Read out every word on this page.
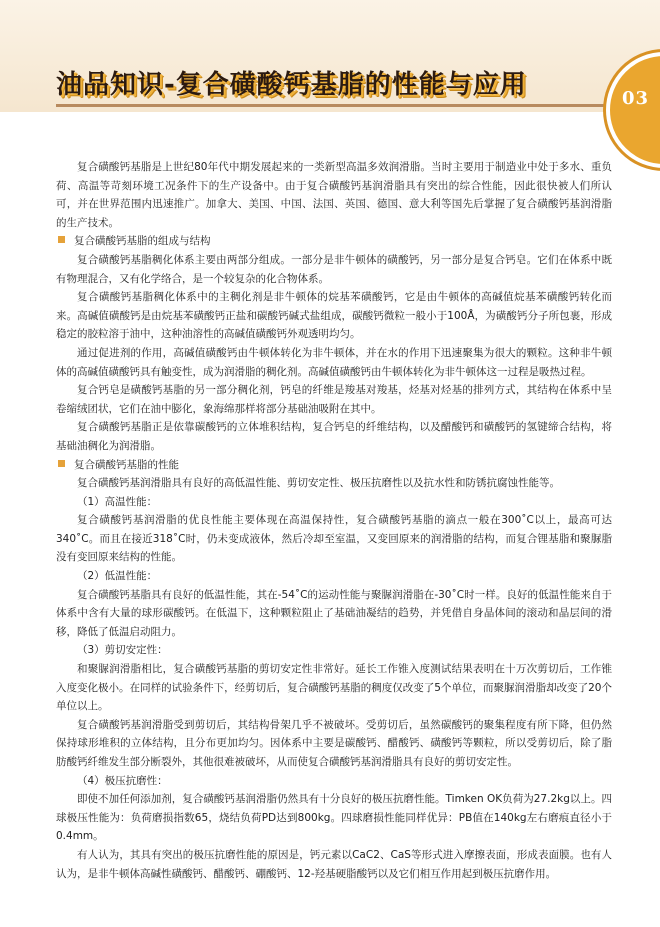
油品知识-复合磺酸钙基脂的性能与应用	03

复合磺酸钙基脂是上世纪80年代中期发展起来的一类新型高温多效润滑脂。当时主要用于制造业中处于多水、重负荷、高温等苛刻环境工况条件下的生产设备中。由于复合磺酸钙基润滑脂具有突出的综合性能，因此很快被人们所认可，并在世界范围内迅速推广。加拿大、美国、中国、法国、英国、德国、意大利等国先后掌握了复合磺酸钙基润滑脂的生产技术。

复合磺酸钙基脂的组成与结构

复合磺酸钙基脂稠化体系主要由两部分组成。一部分是非牛顿体的磺酸钙，另一部分是复合钙皂。它们在体系中既有物理混合，又有化学络合，是一个较复杂的化合物体系。

复合磺酸钙基脂稠化体系中的主稠化剂是非牛顿体的烷基苯磺酸钙，它是由牛顿体的高碱值烷基苯磺酸钙转化而来。高碱值磺酸钙是由烷基苯磺酸钙正盐和碳酸钙碱式盐组成，碳酸钙微粒一般小于100Å，为磺酸钙分子所包裹，形成稳定的胶粒溶于油中，这种油溶性的高碱值磺酸钙外观透明均匀。

通过促进剂的作用，高碱值磺酸钙由牛顿体转化为非牛顿体，并在水的作用下迅速聚集为很大的颗粒。这种非牛顿体的高碱值磺酸钙具有触变性，成为润滑脂的稠化剂。高碱值磺酸钙由牛顿体转化为非牛顿体这一过程是吸热过程。

复合钙皂是磺酸钙基脂的另一部分稠化剂，钙皂的纤维是羧基对羧基，烃基对烃基的排列方式，其结构在体系中呈卷缩绒团状，它们在油中膨化，象海绵那样将部分基础油吸附在其中。

复合磺酸钙基脂正是依靠碳酸钙的立体堆积结构，复合钙皂的纤维结构，以及醋酸钙和磺酸钙的氢键缔合结构，将基础油稠化为润滑脂。

复合磺酸钙基脂的性能

复合磺酸钙基润滑脂具有良好的高低温性能、剪切安定性、极压抗磨性以及抗水性和防锈抗腐蚀性能等。

（1）高温性能：

复合磺酸钙基润滑脂的优良性能主要体现在高温保持性，复合磺酸钙基脂的滴点一般在300˚C以上，最高可达340˚C。而且在接近318˚C时，仍未变成液体，然后冷却至室温，又变回原来的润滑脂的结构，而复合锂基脂和聚脲脂没有变回原来结构的性能。

（2）低温性能：

复合磺酸钙基脂具有良好的低温性能，其在-54˚C的运动性能与聚脲润滑脂在-30˚C时一样。良好的低温性能来自于体系中含有大量的球形碳酸钙。在低温下，这种颗粒阻止了基础油凝结的趋势，并凭借自身晶体间的滚动和晶层间的滑移，降低了低温启动阻力。

（3）剪切安定性：

和聚脲润滑脂相比，复合磺酸钙基脂的剪切安定性非常好。延长工作锥入度测试结果表明在十万次剪切后，工作锥入度变化极小。在同样的试验条件下，经剪切后，复合磺酸钙基脂的稠度仅改变了5个单位，而聚脲润滑脂却改变了20个单位以上。

复合磺酸钙基润滑脂受到剪切后，其结构骨架几乎不被破坏。受剪切后，虽然碳酸钙的聚集程度有所下降，但仍然保持球形堆积的立体结构，且分布更加均匀。因体系中主要是碳酸钙、醋酸钙、磺酸钙等颗粒，所以受剪切后，除了脂肪酸钙纤维发生部分断裂外，其他很难被破坏，从而使复合磺酸钙基润滑脂具有良好的剪切安定性。

（4）极压抗磨性：

即使不加任何添加剂，复合磺酸钙基润滑脂仍然具有十分良好的极压抗磨性能。Timken OK负荷为27.2kg以上。四球极压性能为：负荷磨损指数65，烧结负荷PD达到800kg。四球磨损性能同样优异：PB值在140kg左右磨痕直径小于0.4mm。

有人认为，其具有突出的极压抗磨性能的原因是，钙元素以CaC2、CaS等形式进入摩擦表面，形成表面膜。也有人认为，是非牛顿体高碱性磺酸钙、醋酸钙、硼酸钙、12-羟基硬脂酸钙以及它们相互作用起到极压抗磨作用。
